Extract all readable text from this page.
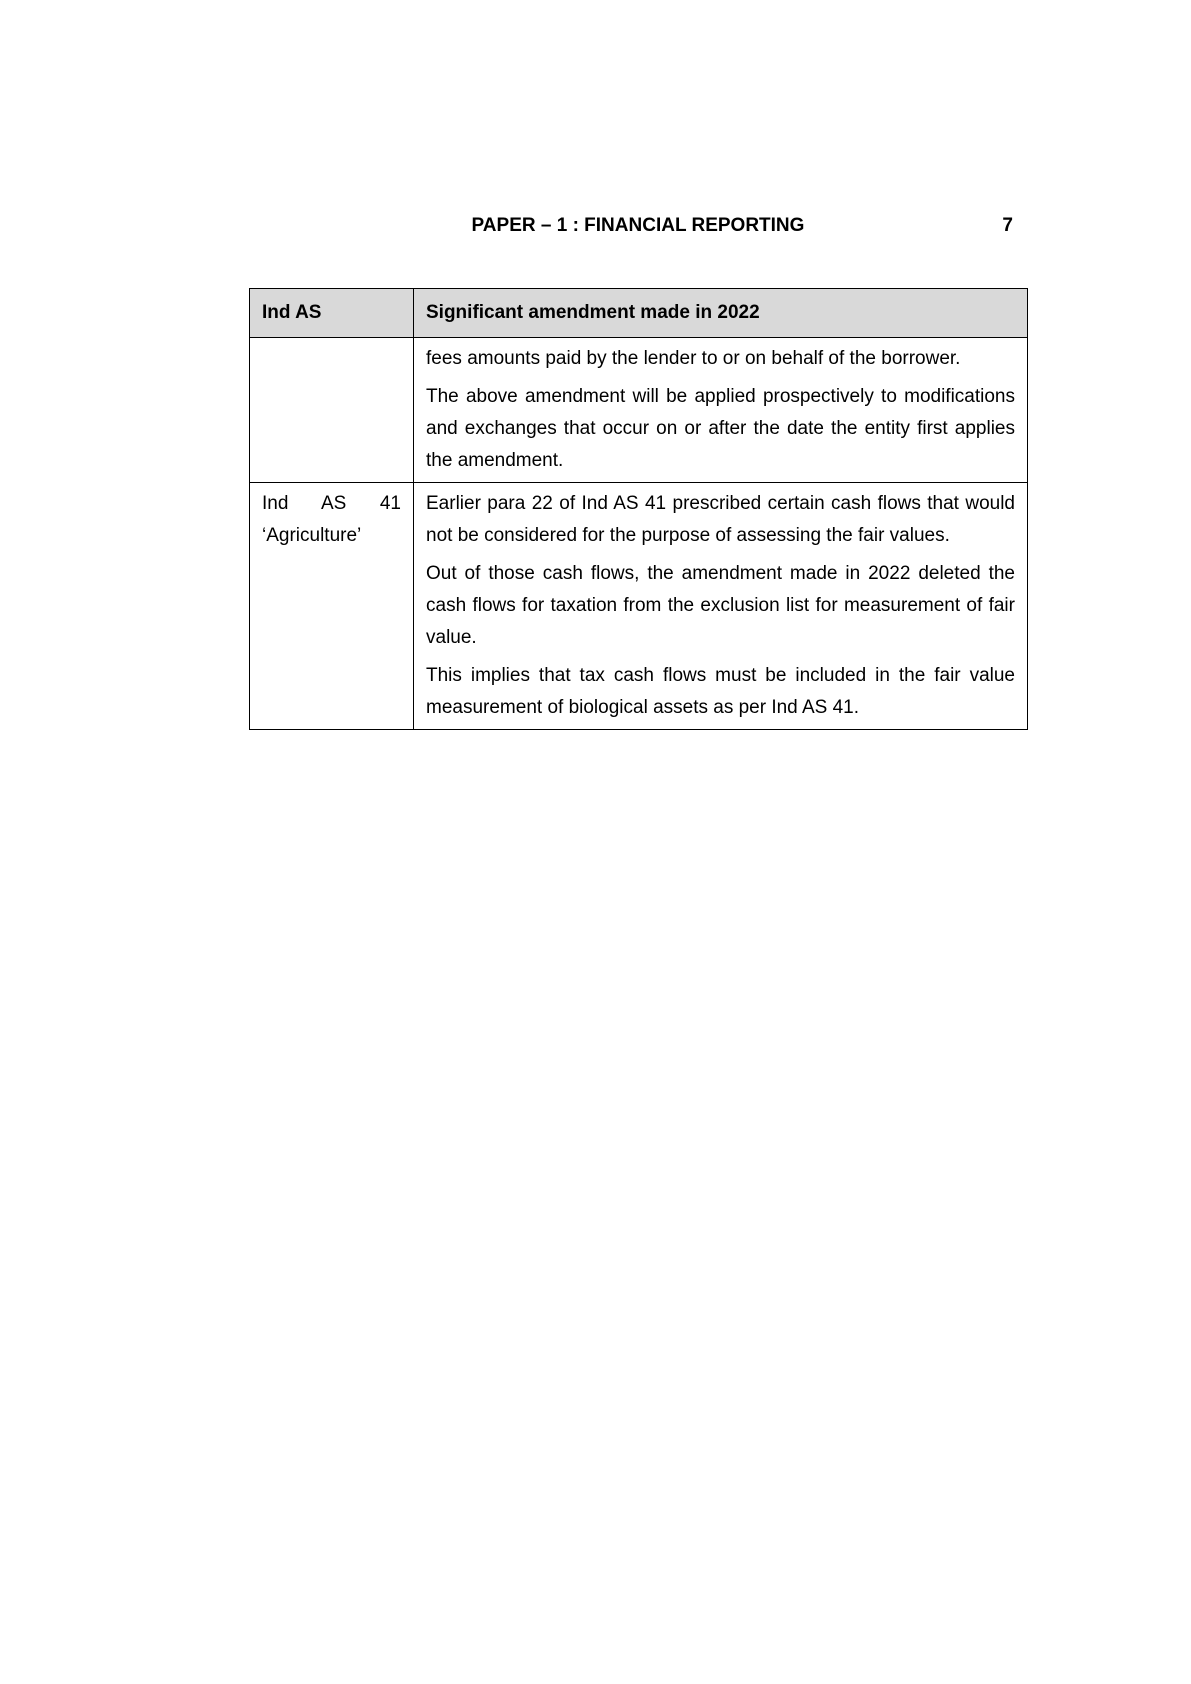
PAPER – 1 : FINANCIAL REPORTING	7
Ind AS	Significant amendment made in 2022

	fees amounts paid by the lender to or on behalf of the borrower.

The above amendment will be applied prospectively to modifications and exchanges that occur on or after the date the entity first applies the amendment.

Ind AS 41 ‘Agriculture’	Earlier para 22 of Ind AS 41 prescribed certain cash flows that would not be considered for the purpose of assessing the fair values.

Out of those cash flows, the amendment made in 2022 deleted the cash flows for taxation from the exclusion list for measurement of fair value.

This implies that tax cash flows must be included in the fair value measurement of biological assets as per Ind AS 41.
